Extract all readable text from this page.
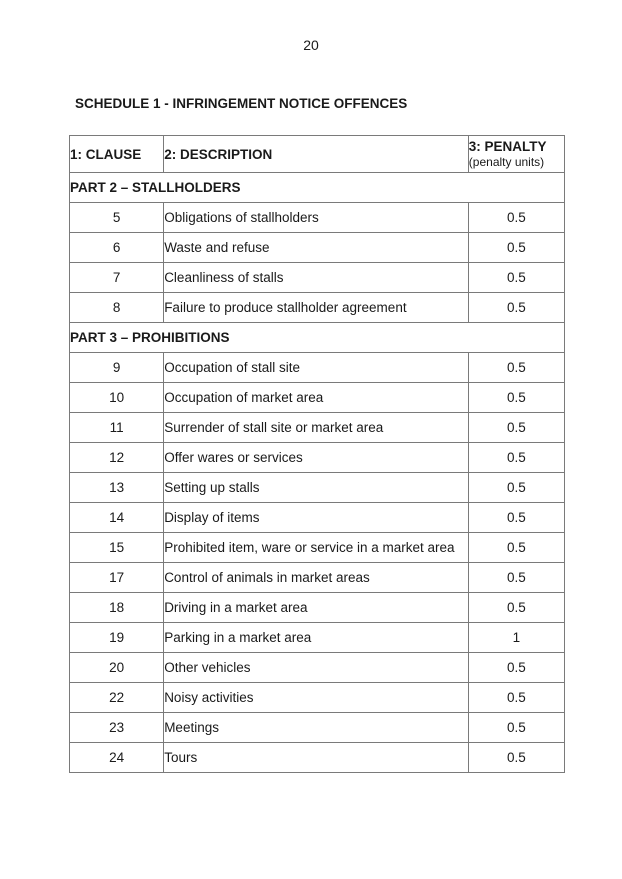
20
SCHEDULE 1 - INFRINGEMENT NOTICE OFFENCES
1: CLAUSE	2: DESCRIPTION	3: PENALTY
(penalty units)

PART 2 – STALLHOLDERS		
5	Obligations of stallholders	0.5
6	Waste and refuse	0.5
7	Cleanliness of stalls	0.5
8	Failure to produce stallholder agreement	0.5
PART 3 – PROHIBITIONS		
9	Occupation of stall site	0.5
10	Occupation of market area	0.5
11	Surrender of stall site or market area	0.5
12	Offer wares or services	0.5
13	Setting up stalls	0.5
14	Display of items	0.5
15	Prohibited item, ware or service in a market area	0.5
17	Control of animals in market areas	0.5
18	Driving in a market area	0.5
19	Parking in a market area	1
20	Other vehicles	0.5
22	Noisy activities	0.5
23	Meetings	0.5
24	Tours	0.5
